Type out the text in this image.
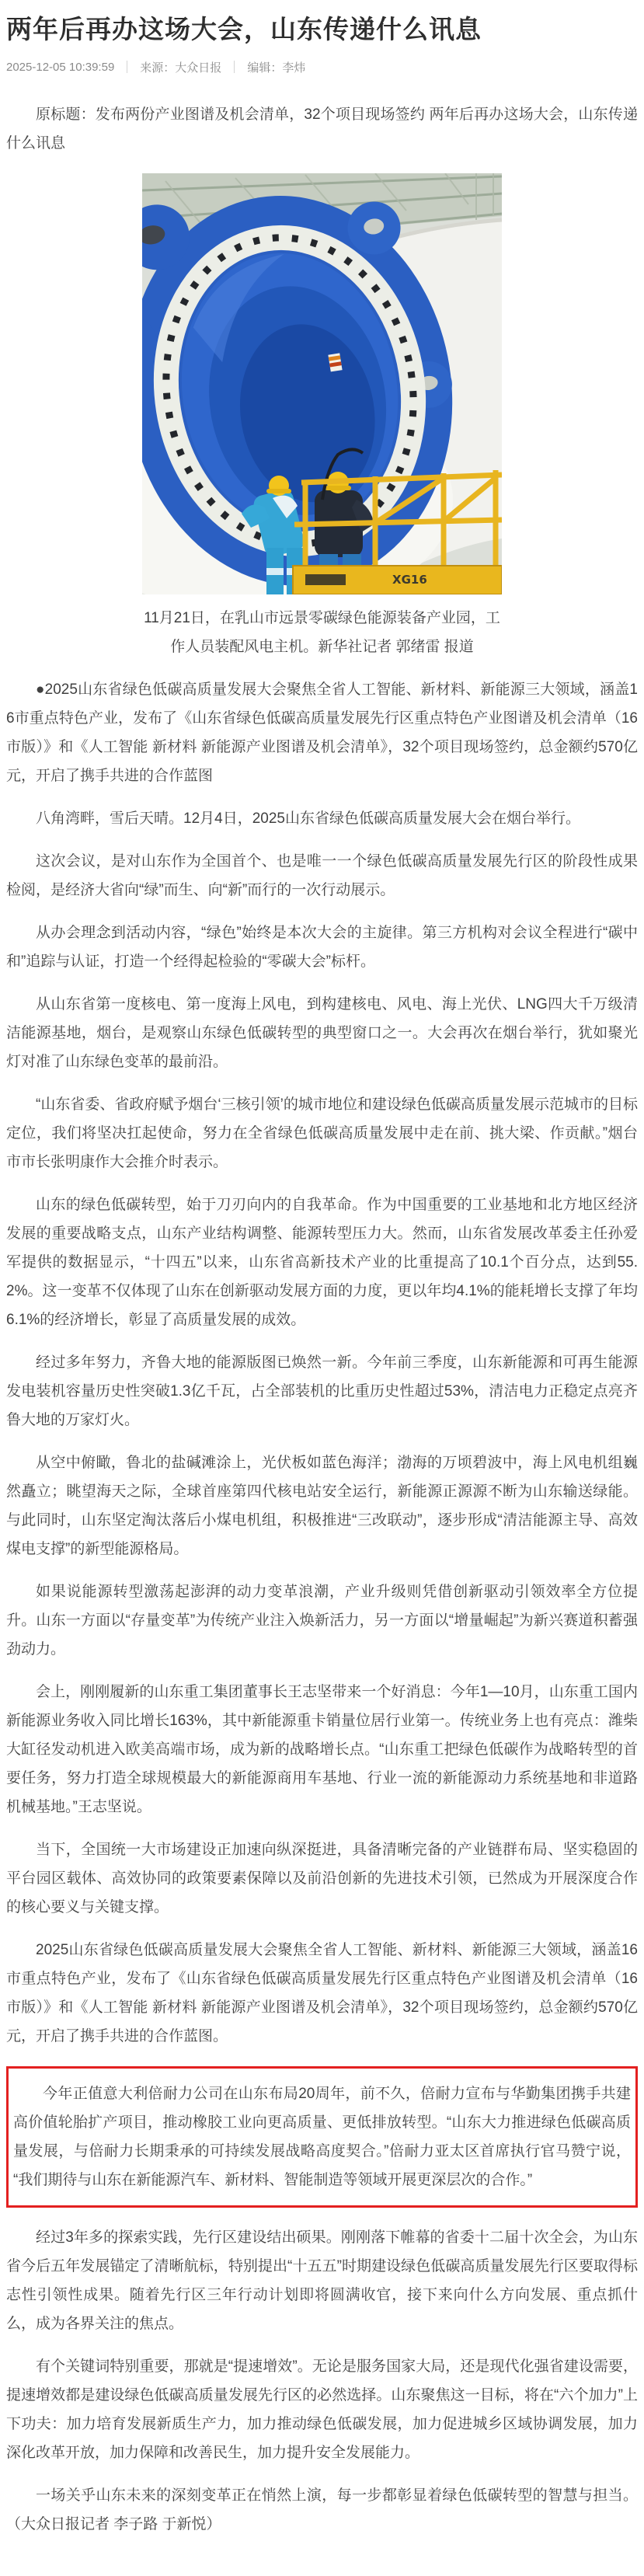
两年后再办这场大会，山东传递什么讯息
2025-12-05 10:39:59 来源：大众日报 编辑：李炜

原标题：发布两份产业图谱及机会清单，32个项目现场签约 两年后再办这场大会，山东传递什么讯息

XG16
11月21日，在乳山市远景零碳绿色能源装备产业园，工作人员装配风电主机。新华社记者 郭绪雷 报道

●2025山东省绿色低碳高质量发展大会聚焦全省人工智能、新材料、新能源三大领域，涵盖16市重点特色产业，发布了《山东省绿色低碳高质量发展先行区重点特色产业图谱及机会清单（16市版）》和《人工智能 新材料 新能源产业图谱及机会清单》，32个项目现场签约，总金额约570亿元，开启了携手共进的合作蓝图

八角湾畔，雪后天晴。12月4日，2025山东省绿色低碳高质量发展大会在烟台举行。

这次会议，是对山东作为全国首个、也是唯一一个绿色低碳高质量发展先行区的阶段性成果检阅，是经济大省向“绿”而生、向“新”而行的一次行动展示。

从办会理念到活动内容，“绿色”始终是本次大会的主旋律。第三方机构对会议全程进行“碳中和”追踪与认证，打造一个经得起检验的“零碳大会”标杆。

从山东省第一度核电、第一度海上风电，到构建核电、风电、海上光伏、LNG四大千万级清洁能源基地，烟台，是观察山东绿色低碳转型的典型窗口之一。大会再次在烟台举行，犹如聚光灯对准了山东绿色变革的最前沿。

“山东省委、省政府赋予烟台‘三核引领’的城市地位和建设绿色低碳高质量发展示范城市的目标定位，我们将坚决扛起使命，努力在全省绿色低碳高质量发展中走在前、挑大梁、作贡献。”烟台市市长张明康作大会推介时表示。

山东的绿色低碳转型，始于刀刃向内的自我革命。作为中国重要的工业基地和北方地区经济发展的重要战略支点，山东产业结构调整、能源转型压力大。然而，山东省发展改革委主任孙爱军提供的数据显示，“十四五”以来，山东省高新技术产业的比重提高了10.1个百分点，达到55.2%。这一变革不仅体现了山东在创新驱动发展方面的力度，更以年均4.1%的能耗增长支撑了年均6.1%的经济增长，彰显了高质量发展的成效。

经过多年努力，齐鲁大地的能源版图已焕然一新。今年前三季度，山东新能源和可再生能源发电装机容量历史性突破1.3亿千瓦，占全部装机的比重历史性超过53%，清洁电力正稳定点亮齐鲁大地的万家灯火。

从空中俯瞰，鲁北的盐碱滩涂上，光伏板如蓝色海洋；渤海的万顷碧波中，海上风电机组巍然矗立；眺望海天之际，全球首座第四代核电站安全运行，新能源正源源不断为山东输送绿能。与此同时，山东坚定淘汰落后小煤电机组，积极推进“三改联动”，逐步形成“清洁能源主导、高效煤电支撑”的新型能源格局。

如果说能源转型激荡起澎湃的动力变革浪潮，产业升级则凭借创新驱动引领效率全方位提升。山东一方面以“存量变革”为传统产业注入焕新活力，另一方面以“增量崛起”为新兴赛道积蓄强劲动力。

会上，刚刚履新的山东重工集团董事长王志坚带来一个好消息：今年1—10月，山东重工国内新能源业务收入同比增长163%，其中新能源重卡销量位居行业第一。传统业务上也有亮点：潍柴大缸径发动机进入欧美高端市场，成为新的战略增长点。“山东重工把绿色低碳作为战略转型的首要任务，努力打造全球规模最大的新能源商用车基地、行业一流的新能源动力系统基地和非道路机械基地。”王志坚说。

当下，全国统一大市场建设正加速向纵深挺进，具备清晰完备的产业链群布局、坚实稳固的平台园区载体、高效协同的政策要素保障以及前沿创新的先进技术引领，已然成为开展深度合作的核心要义与关键支撑。

2025山东省绿色低碳高质量发展大会聚焦全省人工智能、新材料、新能源三大领域，涵盖16市重点特色产业，发布了《山东省绿色低碳高质量发展先行区重点特色产业图谱及机会清单（16市版）》和《人工智能 新材料 新能源产业图谱及机会清单》，32个项目现场签约，总金额约570亿元，开启了携手共进的合作蓝图。

今年正值意大利倍耐力公司在山东布局20周年，前不久，倍耐力宣布与华勤集团携手共建高价值轮胎扩产项目，推动橡胶工业向更高质量、更低排放转型。“山东大力推进绿色低碳高质量发展，与倍耐力长期秉承的可持续发展战略高度契合。”倍耐力亚太区首席执行官马赞宁说，“我们期待与山东在新能源汽车、新材料、智能制造等领域开展更深层次的合作。”

经过3年多的探索实践，先行区建设结出硕果。刚刚落下帷幕的省委十二届十次全会，为山东省今后五年发展锚定了清晰航标，特别提出“十五五”时期建设绿色低碳高质量发展先行区要取得标志性引领性成果。随着先行区三年行动计划即将圆满收官，接下来向什么方向发展、重点抓什么，成为各界关注的焦点。

有个关键词特别重要，那就是“提速增效”。无论是服务国家大局，还是现代化强省建设需要，提速增效都是建设绿色低碳高质量发展先行区的必然选择。山东聚焦这一目标，将在“六个加力”上下功夫：加力培育发展新质生产力，加力推动绿色低碳发展，加力促进城乡区域协调发展，加力深化改革开放，加力保障和改善民生，加力提升安全发展能力。

一场关乎山东未来的深刻变革正在悄然上演，每一步都彰显着绿色低碳转型的智慧与担当。（大众日报记者 李子路 于新悦）
